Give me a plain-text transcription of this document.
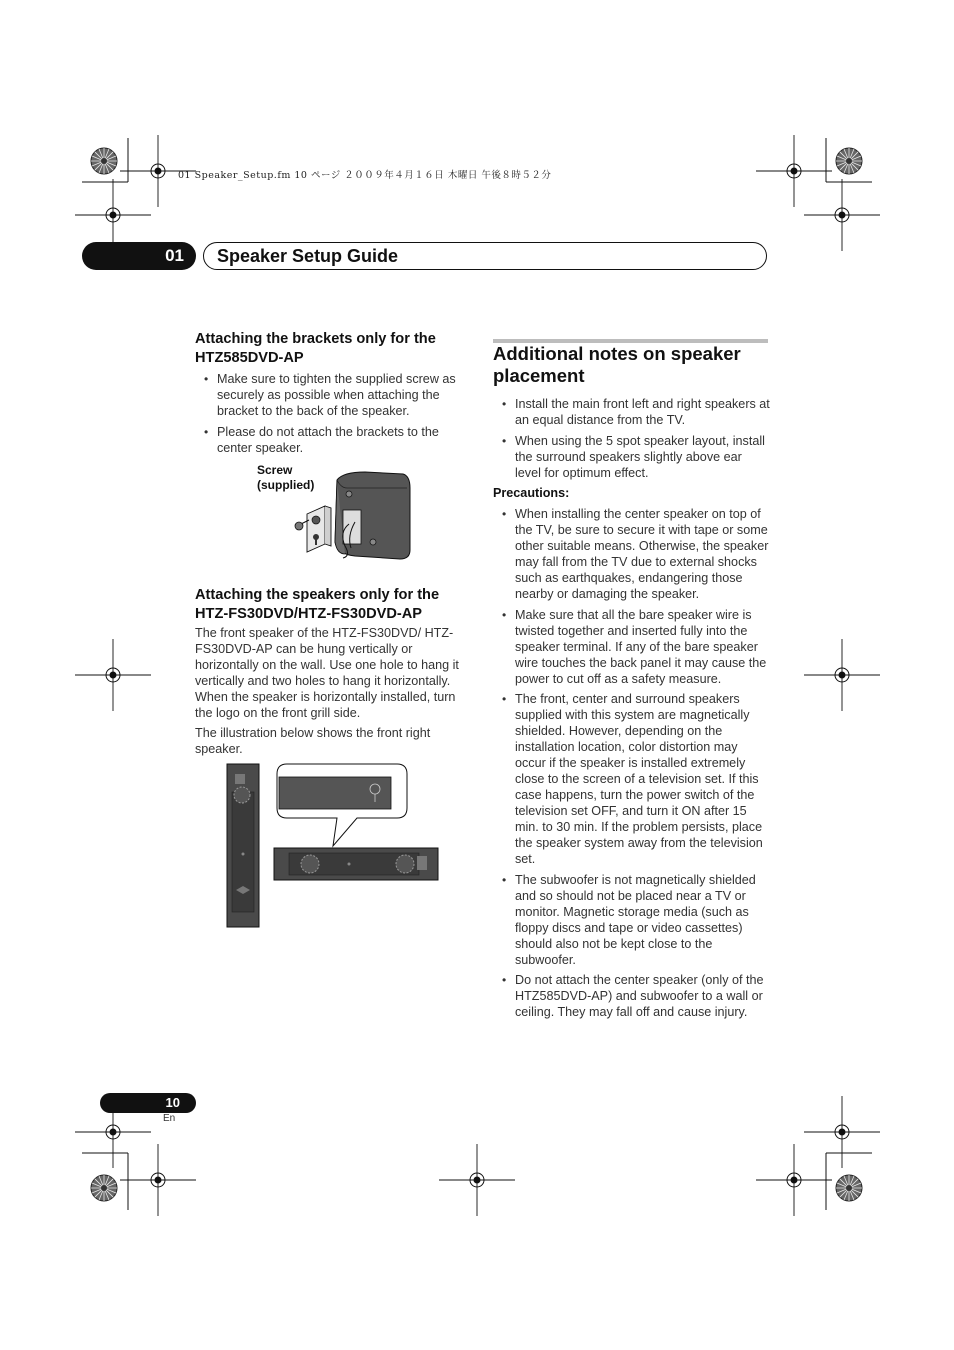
01 Speaker_Setup.fm 10 ページ ２００９年４月１６日 木曜日 午後８時５２分
01	Speaker Setup Guide
Attaching the brackets only for the
HTZ585DVD-AP
• Make sure to tighten the supplied screw as securely as possible when attaching the bracket to the back of the speaker.
• Please do not attach the brackets to the center speaker.
Screw
(supplied)
Attaching the speakers only for the
HTZ-FS30DVD/HTZ-FS30DVD-AP
The front speaker of the HTZ-FS30DVD/ HTZ-FS30DVD-AP can be hung vertically or horizontally on the wall. Use one hole to hang it vertically and two holes to hang it horizontally. When the speaker is horizontally installed, turn the logo on the front grill side.
The illustration below shows the front right speaker.
Additional notes on speaker
placement
• Install the main front left and right speakers at an equal distance from the TV.
• When using the 5 spot speaker layout, install the surround speakers slightly above ear level for optimum effect.
Precautions:
• When installing the center speaker on top of the TV, be sure to secure it with tape or some other suitable means. Otherwise, the speaker may fall from the TV due to external shocks such as earthquakes, endangering those nearby or damaging the speaker.
• Make sure that all the bare speaker wire is twisted together and inserted fully into the speaker terminal. If any of the bare speaker wire touches the back panel it may cause the power to cut off as a safety measure.
• The front, center and surround speakers supplied with this system are magnetically shielded. However, depending on the installation location, color distortion may occur if the speaker is installed extremely close to the screen of a television set. If this case happens, turn the power switch of the television set OFF, and turn it ON after 15 min. to 30 min. If the problem persists, place the speaker system away from the television set.
• The subwoofer is not magnetically shielded and so should not be placed near a TV or monitor. Magnetic storage media (such as floppy discs and tape or video cassettes) should also not be kept close to the subwoofer.
• Do not attach the center speaker (only of the HTZ585DVD-AP) and subwoofer to a wall or ceiling. They may fall off and cause injury.
10
En
